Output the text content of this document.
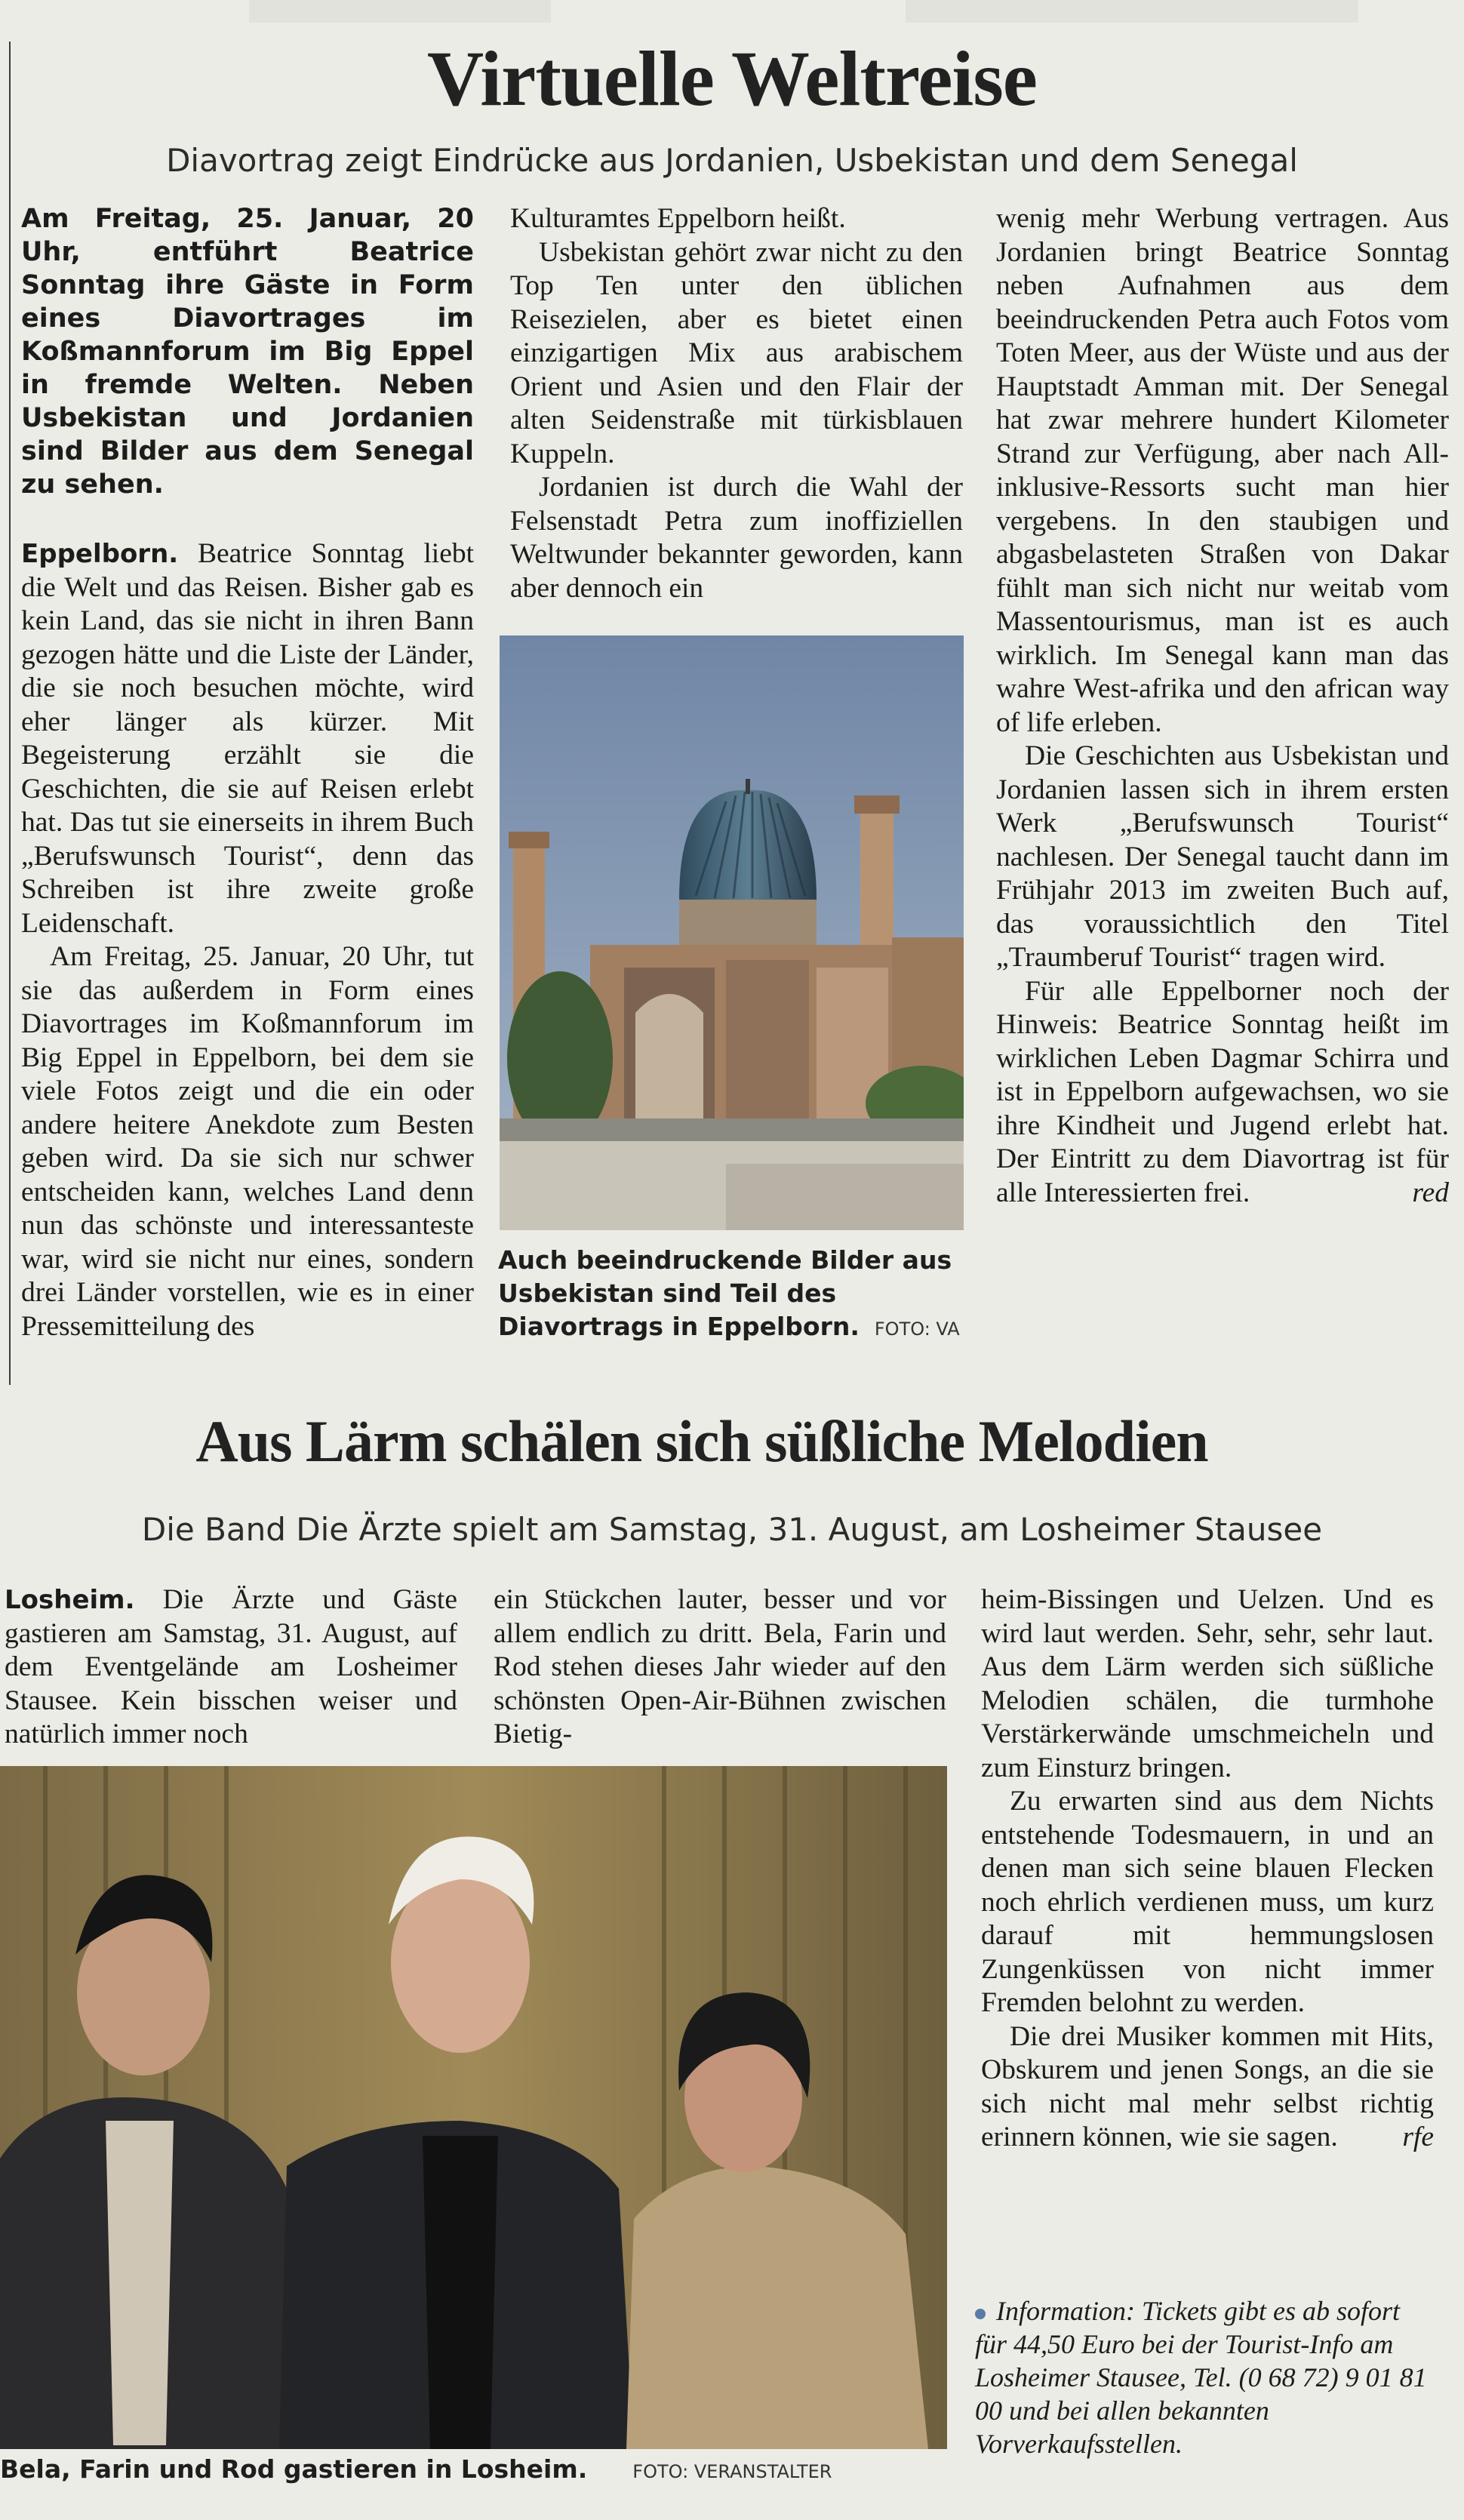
Virtuelle Weltreise
Diavortrag zeigt Eindrücke aus Jordanien, Usbekistan und dem Senegal

Am Freitag, 25. Januar, 20 Uhr, entführt Beatrice Sonntag ihre Gäste in Form eines Diavortrages im Koßmannforum im Big Eppel in fremde Welten. Neben Usbekistan und Jordanien sind Bilder aus dem Senegal zu sehen.

Eppelborn. Beatrice Sonntag liebt die Welt und das Reisen. Bisher gab es kein Land, das sie nicht in ihren Bann gezogen hätte und die Liste der Länder, die sie noch besuchen möchte, wird eher länger als kürzer. Mit Begeisterung erzählt sie die Geschichten, die sie auf Reisen erlebt hat. Das tut sie einerseits in ihrem Buch „Berufswunsch Tourist“, denn das Schreiben ist ihre zweite große Leidenschaft.

Am Freitag, 25. Januar, 20 Uhr, tut sie das außerdem in Form eines Diavortrages im Koßmannforum im Big Eppel in Eppelborn, bei dem sie viele Fotos zeigt und die ein oder andere heitere Anekdote zum Besten geben wird. Da sie sich nur schwer entscheiden kann, welches Land denn nun das schönste und interessanteste war, wird sie nicht nur eines, sondern drei Länder vorstellen, wie es in einer Pressemitteilung des

Kulturamtes Eppelborn heißt.

Usbekistan gehört zwar nicht zu den Top Ten unter den üblichen Reisezielen, aber es bietet einen einzigartigen Mix aus arabischem Orient und Asien und den Flair der alten Seidenstraße mit türkisblauen Kuppeln.

Jordanien ist durch die Wahl der Felsenstadt Petra zum inoffiziellen Weltwunder bekannter geworden, kann aber dennoch ein

Auch beeindruckende Bilder aus Usbekistan sind Teil des Diavortrags in Eppelborn. FOTO: VA

wenig mehr Werbung vertragen. Aus Jordanien bringt Beatrice Sonntag neben Aufnahmen aus dem beeindruckenden Petra auch Fotos vom Toten Meer, aus der Wüste und aus der Hauptstadt Amman mit. Der Senegal hat zwar mehrere hundert Kilometer Strand zur Verfügung, aber nach All-inklusive-Ressorts sucht man hier vergebens. In den staubigen und abgasbelasteten Straßen von Dakar fühlt man sich nicht nur weitab vom Massentourismus, man ist es auch wirklich. Im Senegal kann man das wahre West-afrika und den african way of life erleben.

Die Geschichten aus Usbekistan und Jordanien lassen sich in ihrem ersten Werk „Berufswunsch Tourist“ nachlesen. Der Senegal taucht dann im Frühjahr 2013 im zweiten Buch auf, das voraussichtlich den Titel „Traumberuf Tourist“ tragen wird.

Für alle Eppelborner noch der Hinweis: Beatrice Sonntag heißt im wirklichen Leben Dagmar Schirra und ist in Eppelborn aufgewachsen, wo sie ihre Kindheit und Jugend erlebt hat. Der Eintritt zu dem Diavortrag ist für alle Interessierten frei.	red

Aus Lärm schälen sich süßliche Melodien
Die Band Die Ärzte spielt am Samstag, 31. August, am Losheimer Stausee

Losheim. Die Ärzte und Gäste gastieren am Samstag, 31. August, auf dem Eventgelände am Losheimer Stausee. Kein bisschen weiser und natürlich immer noch

ein Stückchen lauter, besser und vor allem endlich zu dritt. Bela, Farin und Rod stehen dieses Jahr wieder auf den schönsten Open-Air-Bühnen zwischen Bietig-

Bela, Farin und Rod gastieren in Losheim.	FOTO: VERANSTALTER

heim-Bissingen und Uelzen. Und es wird laut werden. Sehr, sehr, sehr laut. Aus dem Lärm werden sich süßliche Melodien schälen, die turmhohe Verstärkerwände umschmeicheln und zum Einsturz bringen.

Zu erwarten sind aus dem Nichts entstehende Todesmauern, in und an denen man sich seine blauen Flecken noch ehrlich verdienen muss, um kurz darauf mit hemmungslosen Zungenküssen von nicht immer Fremden belohnt zu werden.

Die drei Musiker kommen mit Hits, Obskurem und jenen Songs, an die sie sich nicht mal mehr selbst richtig erinnern können, wie sie sagen.	rfe

Information: Tickets gibt es ab sofort für 44,50 Euro bei der Tourist-Info am Losheimer Stausee, Tel. (0 68 72) 9 01 81 00 und bei allen bekannten Vorverkaufsstellen.
